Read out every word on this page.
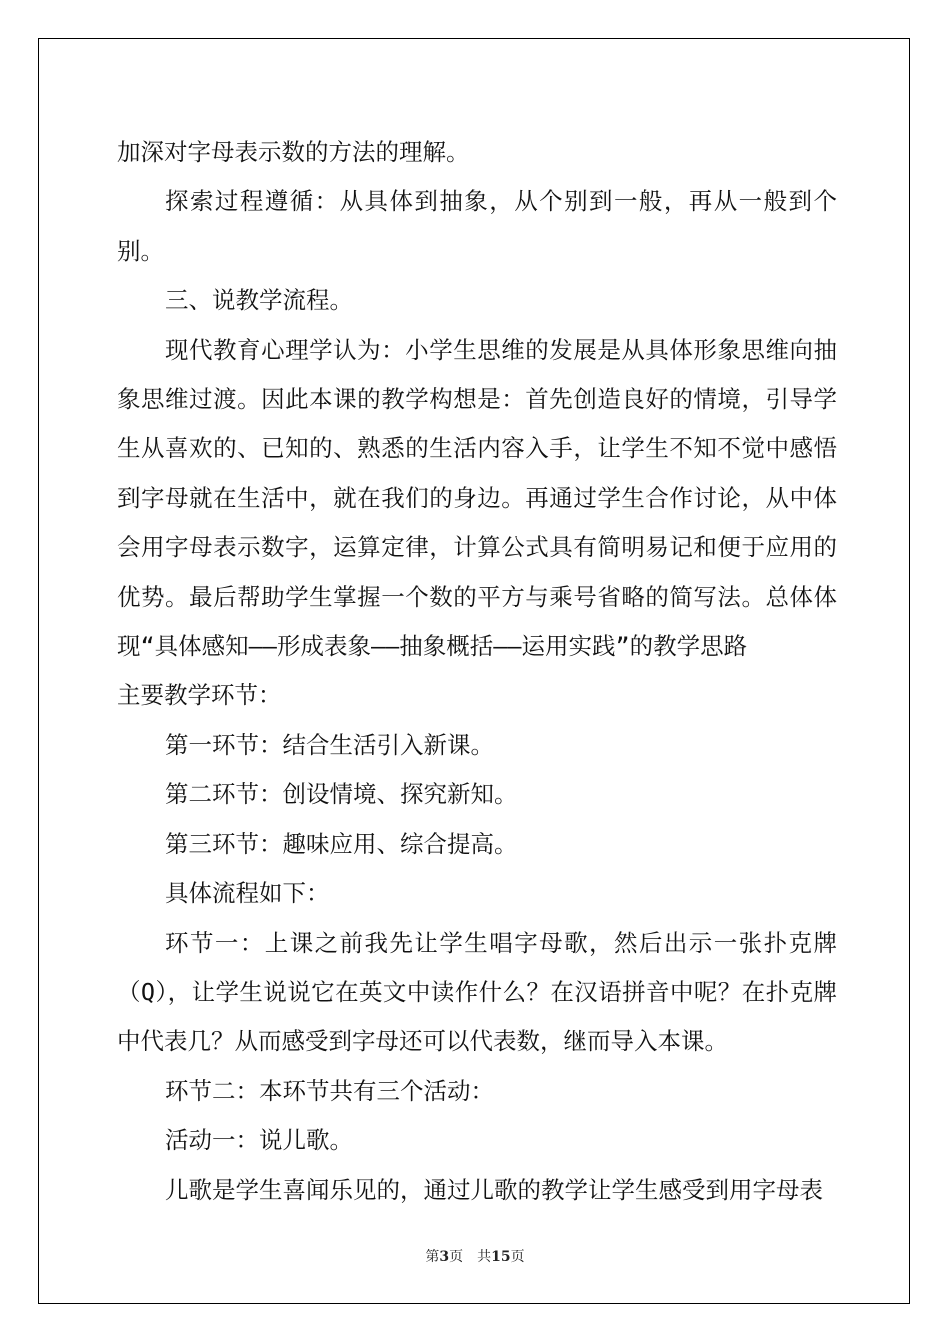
加深对字母表示数的方法的理解。

探索过程遵循：从具体到抽象，从个别到一般，再从一般到个别。

三、说教学流程。

现代教育心理学认为：小学生思维的发展是从具体形象思维向抽象思维过渡。因此本课的教学构想是：首先创造良好的情境，引导学生从喜欢的、已知的、熟悉的生活内容入手，让学生不知不觉中感悟到字母就在生活中，就在我们的身边。再通过学生合作讨论，从中体会用字母表示数字，运算定律，计算公式具有简明易记和便于应用的优势。最后帮助学生掌握一个数的平方与乘号省略的简写法。总体体现“具体感知——形成表象——抽象概括——运用实践”的教学思路

主要教学环节：

第一环节：结合生活引入新课。

第二环节：创设情境、探究新知。

第三环节：趣味应用、综合提高。

具体流程如下：

环节一：上课之前我先让学生唱字母歌，然后出示一张扑克牌（Q），让学生说说它在英文中读作什么？在汉语拼音中呢？在扑克牌中代表几？从而感受到字母还可以代表数，继而导入本课。

环节二：本环节共有三个活动：

活动一：说儿歌。

儿歌是学生喜闻乐见的，通过儿歌的教学让学生感受到用字母表

第3页　共15页
